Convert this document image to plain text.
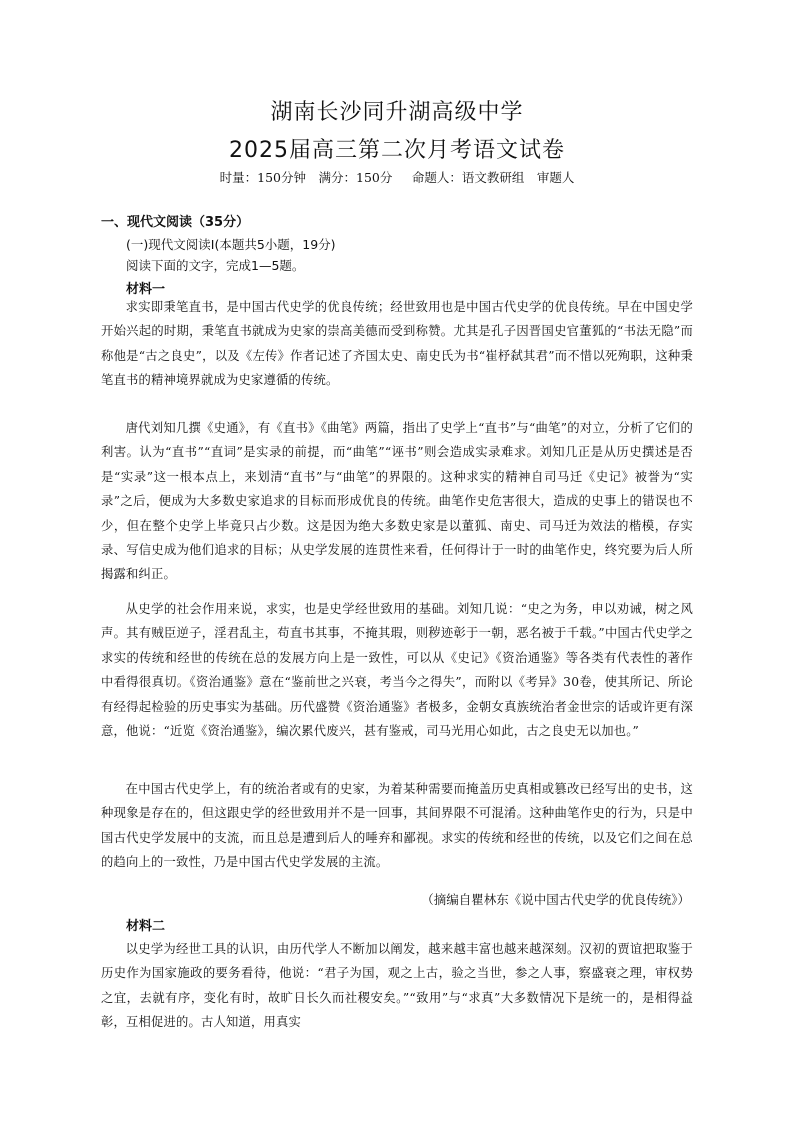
湖南长沙同升湖高级中学
2025届高三第二次月考语文试卷
时量：150分钟　满分：150分　 命题人：语文教研组　审题人
一、现代文阅读（35分）

(一)现代文阅读Ⅰ(本题共5小题，19分)

阅读下面的文字，完成1—5题。

材料一

求实即秉笔直书，是中国古代史学的优良传统；经世致用也是中国古代史学的优良传统。早在中国史学开始兴起的时期，秉笔直书就成为史家的崇高美德而受到称赞。尤其是孔子因晋国史官董狐的“书法无隐”而称他是“古之良史”，以及《左传》作者记述了齐国太史、南史氏为书“崔杼弑其君”而不惜以死殉职，这种秉笔直书的精神境界就成为史家遵循的传统。

唐代刘知几撰《史通》，有《直书》《曲笔》两篇，指出了史学上“直书”与“曲笔”的对立，分析了它们的利害。认为“直书”“直词”是实录的前提，而“曲笔”“诬书”则会造成实录难求。刘知几正是从历史撰述是否是“实录”这一根本点上，来划清“直书”与“曲笔”的界限的。这种求实的精神自司马迁《史记》被誉为“实录”之后，便成为大多数史家追求的目标而形成优良的传统。曲笔作史危害很大，造成的史事上的错误也不少，但在整个史学上毕竟只占少数。这是因为绝大多数史家是以董狐、南史、司马迁为效法的楷模，存实录、写信史成为他们追求的目标；从史学发展的连贯性来看，任何得计于一时的曲笔作史，终究要为后人所揭露和纠正。

从史学的社会作用来说，求实，也是史学经世致用的基础。刘知几说：“史之为务，申以劝诫，树之风声。其有贼臣逆子，淫君乱主，苟直书其事，不掩其瑕，则秽迹彰于一朝，恶名被于千载。”中国古代史学之求实的传统和经世的传统在总的发展方向上是一致性，可以从《史记》《资治通鉴》等各类有代表性的著作中看得很真切。《资治通鉴》意在“鉴前世之兴衰，考当今之得失”，而附以《考异》30卷，使其所记、所论有经得起检验的历史事实为基础。历代盛赞《资治通鉴》者极多，金朝女真族统治者金世宗的话或许更有深意，他说：“近览《资治通鉴》，编次累代废兴，甚有鉴戒，司马光用心如此，古之良史无以加也。”

在中国古代史学上，有的统治者或有的史家，为着某种需要而掩盖历史真相或篡改已经写出的史书，这种现象是存在的，但这跟史学的经世致用并不是一回事，其间界限不可混淆。这种曲笔作史的行为，只是中国古代史学发展中的支流，而且总是遭到后人的唾弃和鄙视。求实的传统和经世的传统，以及它们之间在总的趋向上的一致性，乃是中国古代史学发展的主流。

（摘编自瞿林东《说中国古代史学的优良传统》）

材料二

以史学为经世工具的认识，由历代学人不断加以阐发，越来越丰富也越来越深刻。汉初的贾谊把取鉴于历史作为国家施政的要务看待，他说：“君子为国，观之上古，验之当世，参之人事，察盛衰之理，审权势之宜，去就有序，变化有时，故旷日长久而社稷安矣。”“致用”与“求真”大多数情况下是统一的，是相得益彰，互相促进的。古人知道，用真实
